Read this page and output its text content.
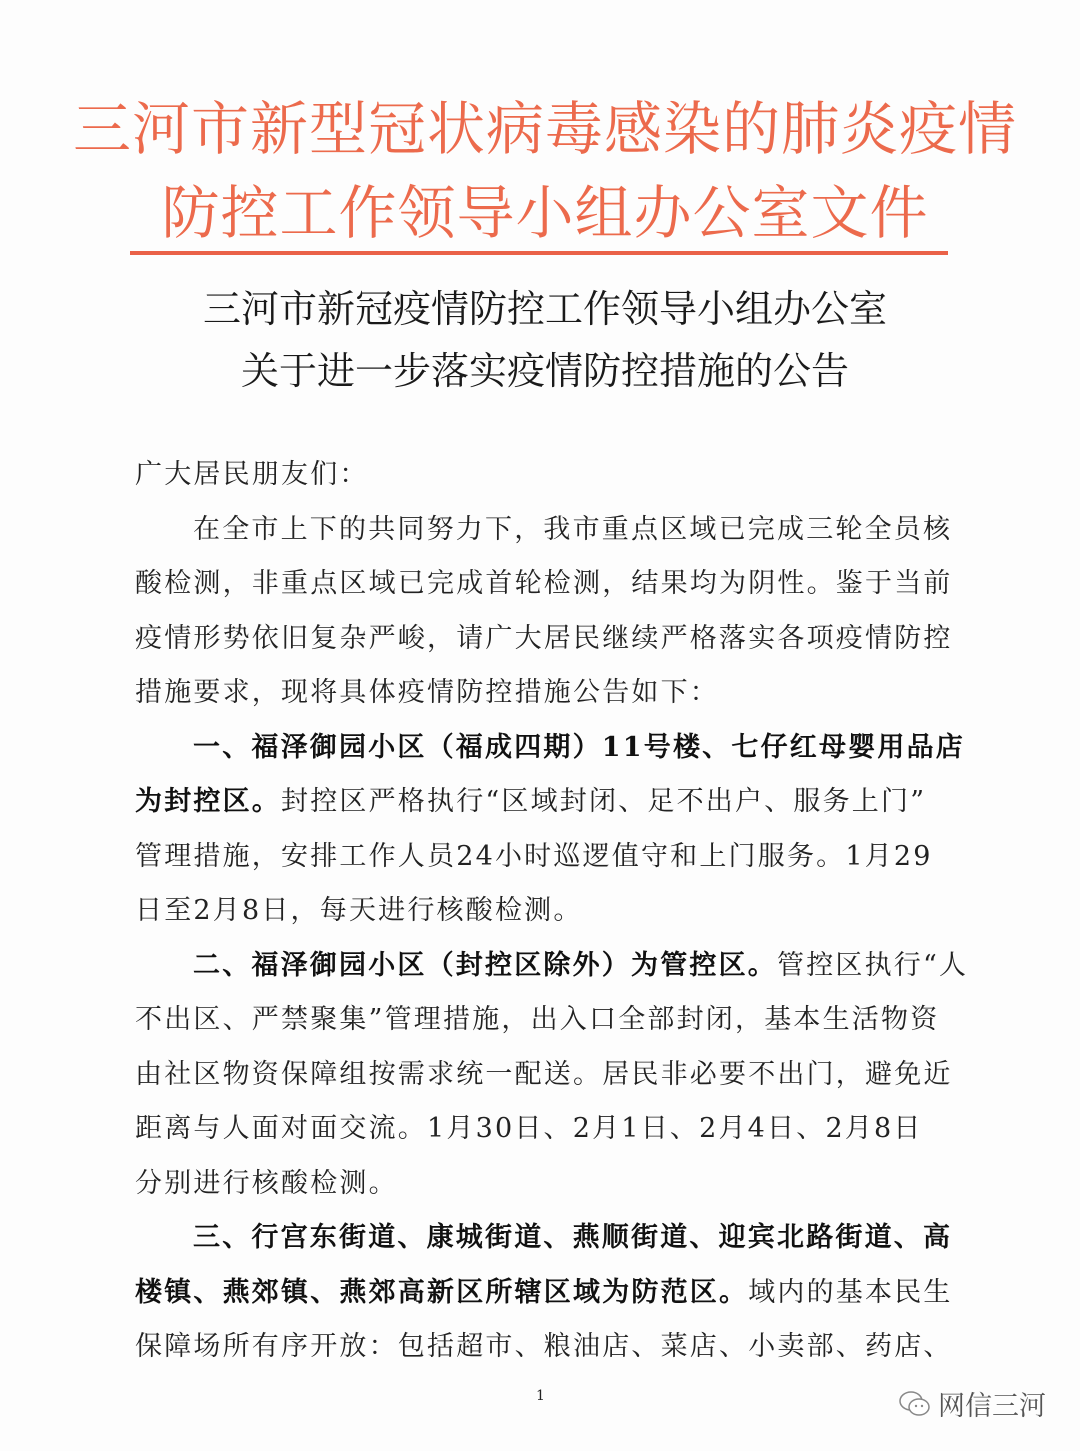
三河市新型冠状病毒感染的肺炎疫情
防控工作领导小组办公室文件
三河市新冠疫情防控工作领导小组办公室
关于进一步落实疫情防控措施的公告
广大居民朋友们：
在全市上下的共同努力下，我市重点区域已完成三轮全员核
酸检测，非重点区域已完成首轮检测，结果均为阴性。鉴于当前
疫情形势依旧复杂严峻，请广大居民继续严格落实各项疫情防控
措施要求，现将具体疫情防控措施公告如下：
一、福泽御园小区（福成四期）11号楼、七仔红母婴用品店
为封控区。封控区严格执行“区域封闭、足不出户、服务上门”
管理措施，安排工作人员24小时巡逻值守和上门服务。1月29
日至2月8日，每天进行核酸检测。
二、福泽御园小区（封控区除外）为管控区。管控区执行“人
不出区、严禁聚集”管理措施，出入口全部封闭，基本生活物资
由社区物资保障组按需求统一配送。居民非必要不出门，避免近
距离与人面对面交流。1月30日、2月1日、2月4日、2月8日
分别进行核酸检测。
三、行宫东街道、康城街道、燕顺街道、迎宾北路街道、高
楼镇、燕郊镇、燕郊高新区所辖区域为防范区。域内的基本民生
保障场所有序开放：包括超市、粮油店、菜店、小卖部、药店、
1	网信三河
